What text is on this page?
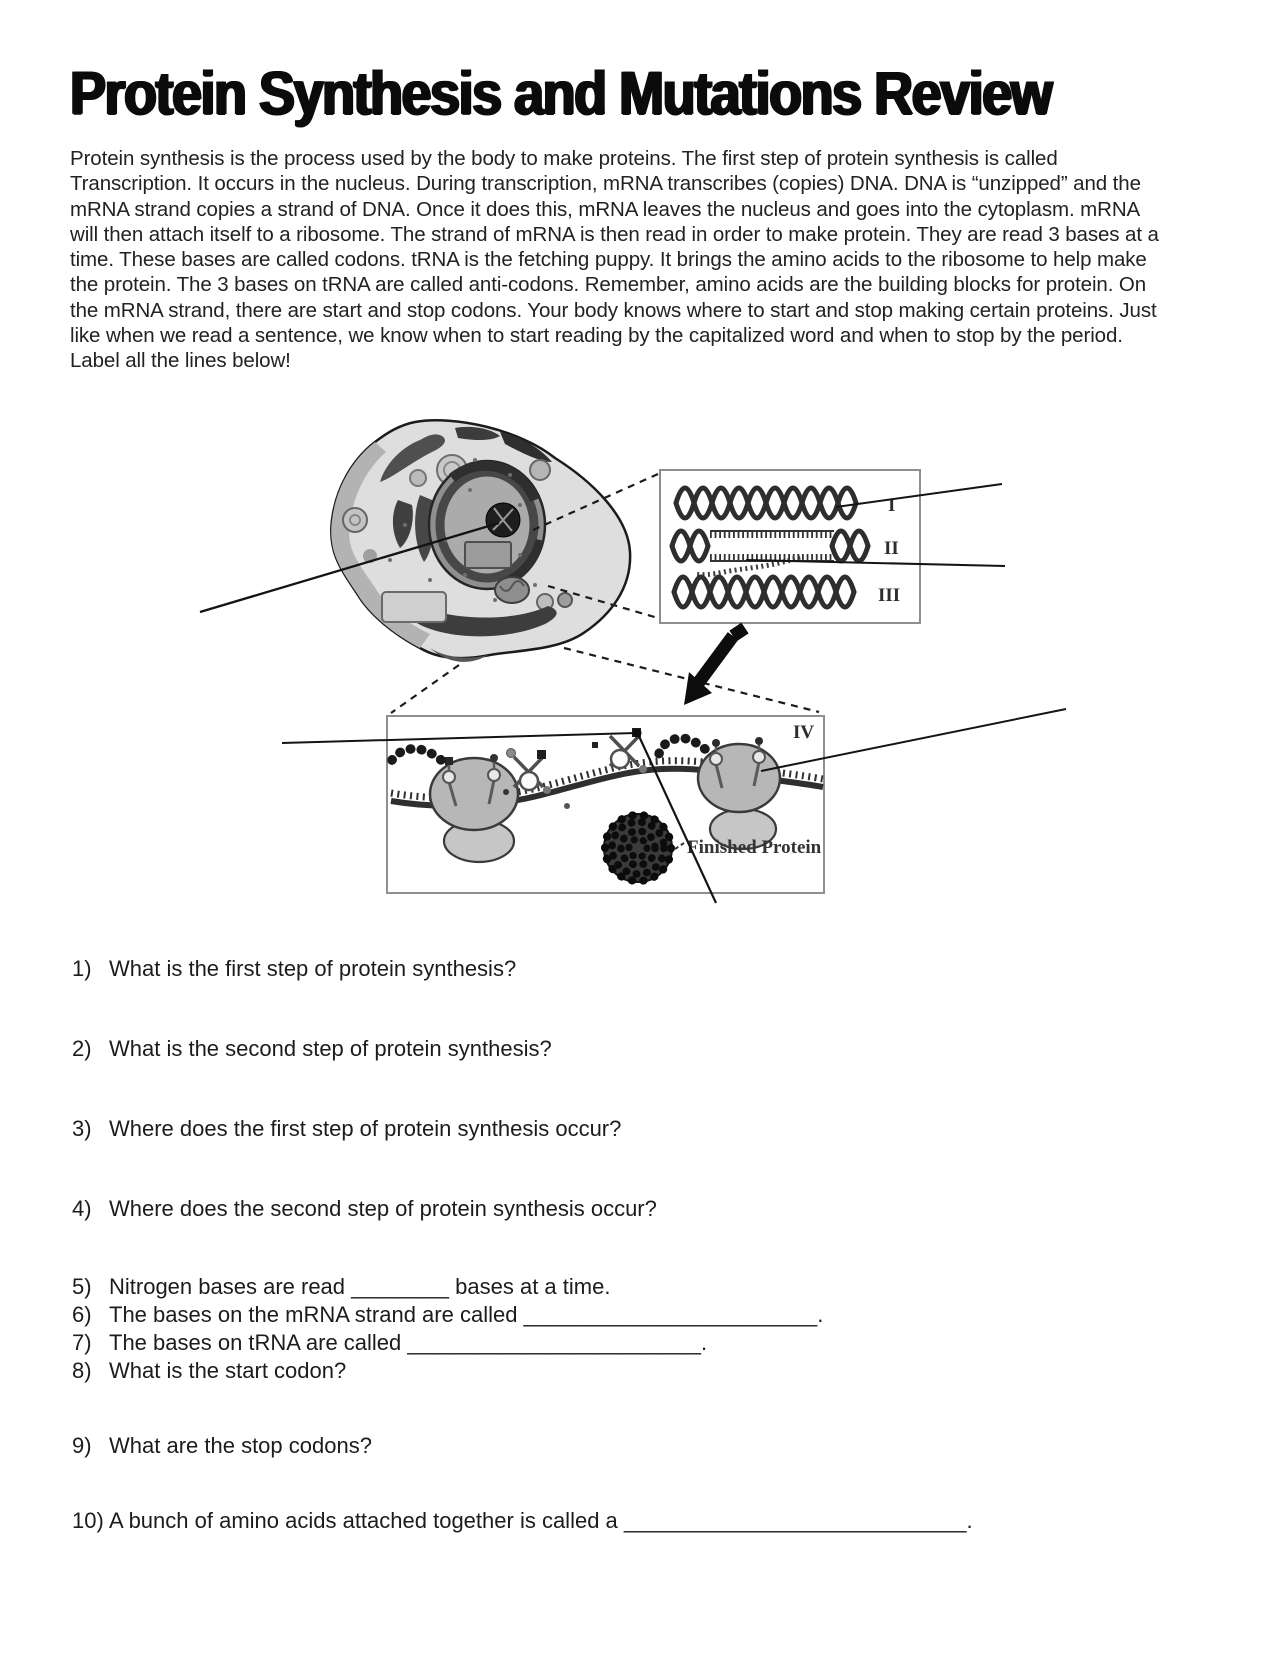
Protein Synthesis and Mutations Review
Protein synthesis is the process used by the body to make proteins. The first step of protein synthesis is called Transcription. It occurs in the nucleus. During transcription, mRNA transcribes (copies) DNA. DNA is “unzipped” and the mRNA strand copies a strand of DNA. Once it does this, mRNA leaves the nucleus and goes into the cytoplasm. mRNA will then attach itself to a ribosome. The strand of mRNA is then read in order to make protein. They are read 3 bases at a time. These bases are called codons. tRNA is the fetching puppy. It brings the amino acids to the ribosome to help make the protein. The 3 bases on tRNA are called anti-codons. Remember, amino acids are the building blocks for protein. On the mRNA strand, there are start and stop codons. Your body knows where to start and stop making certain proteins. Just like when we read a sentence, we know when to start reading by the capitalized word and when to stop by the period. Label all the lines below!
I
II
III
Finished Protein
IV
1) What is the first step of protein synthesis?
2) What is the second step of protein synthesis?
3) Where does the first step of protein synthesis occur?
4) Where does the second step of protein synthesis occur?
5) Nitrogen bases are read ________ bases at a time.
6) The bases on the mRNA strand are called ________________________.
7) The bases on tRNA are called ________________________.
8) What is the start codon?
9) What are the stop codons?
10) A bunch of amino acids attached together is called a ____________________________.
